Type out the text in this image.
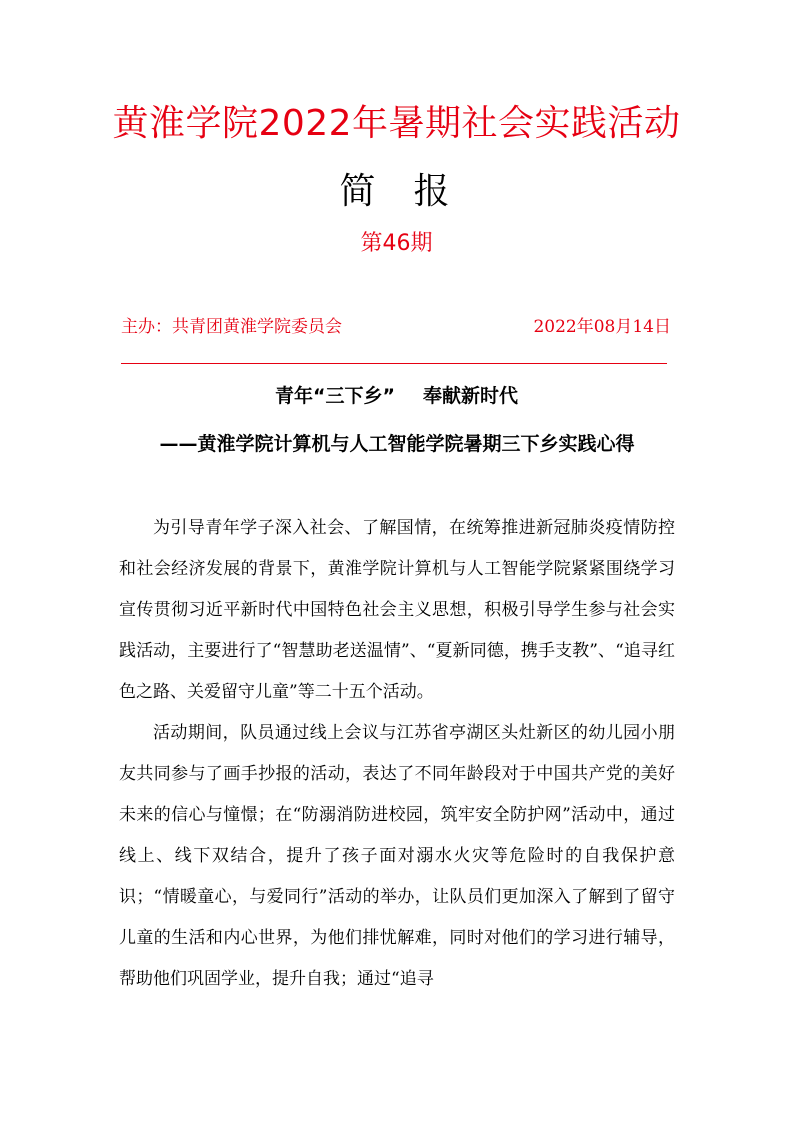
黄淮学院2022年暑期社会实践活动
简 报
第46期
主办：共青团黄淮学院委员会	2022年08月14日
青年“三下乡” 奉献新时代
——黄淮学院计算机与人工智能学院暑期三下乡实践心得

为引导青年学子深入社会、了解国情，在统筹推进新冠肺炎疫情防控和社会经济发展的背景下，黄淮学院计算机与人工智能学院紧紧围绕学习宣传贯彻习近平新时代中国特色社会主义思想，积极引导学生参与社会实践活动，主要进行了“智慧助老送温情”、“夏新同德，携手支教”、“追寻红色之路、关爱留守儿童”等二十五个活动。

活动期间，队员通过线上会议与江苏省亭湖区头灶新区的幼儿园小朋友共同参与了画手抄报的活动，表达了不同年龄段对于中国共产党的美好未来的信心与憧憬；在“防溺消防进校园，筑牢安全防护网”活动中，通过线上、线下双结合，提升了孩子面对溺水火灾等危险时的自我保护意识；“情暖童心，与爱同行”活动的举办，让队员们更加深入了解到了留守儿童的生活和内心世界，为他们排忧解难，同时对他们的学习进行辅导，帮助他们巩固学业，提升自我；通过“追寻
